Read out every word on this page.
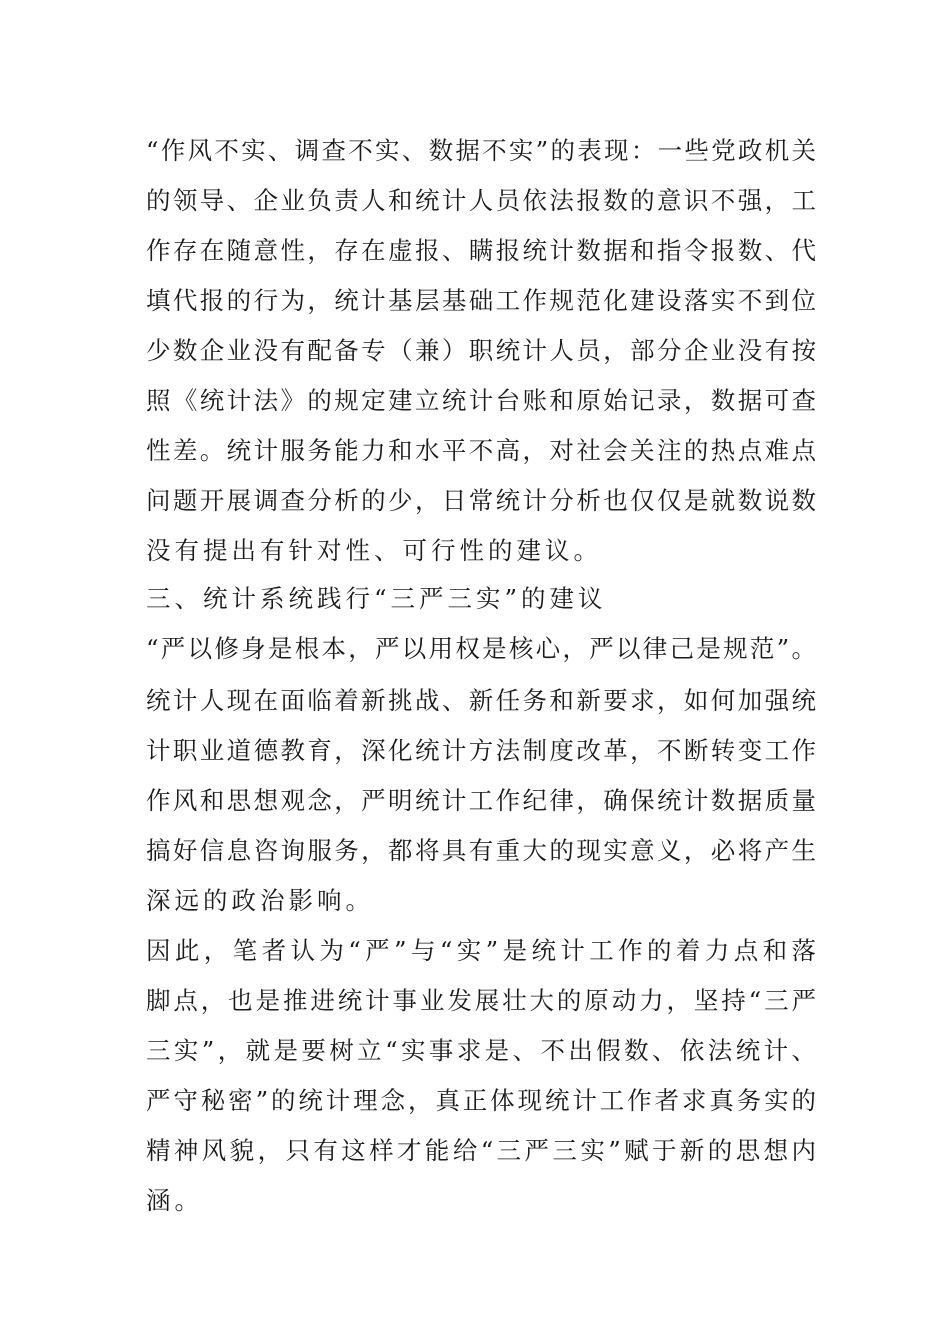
“作风不实、调查不实、数据不实”的表现：一些党政机关
的领导、企业负责人和统计人员依法报数的意识不强，工
作存在随意性，存在虚报、瞒报统计数据和指令报数、代
填代报的行为，统计基层基础工作规范化建设落实不到位
少数企业没有配备专（兼）职统计人员，部分企业没有按
照《统计法》的规定建立统计台账和原始记录，数据可查
性差。统计服务能力和水平不高，对社会关注的热点难点
问题开展调查分析的少，日常统计分析也仅仅是就数说数
没有提出有针对性、可行性的建议。
三、统计系统践行“三严三实”的建议
“严以修身是根本，严以用权是核心，严以律己是规范”。
统计人现在面临着新挑战、新任务和新要求，如何加强统
计职业道德教育，深化统计方法制度改革，不断转变工作
作风和思想观念，严明统计工作纪律，确保统计数据质量
搞好信息咨询服务，都将具有重大的现实意义，必将产生
深远的政治影响。
因此，笔者认为“严”与“实”是统计工作的着力点和落
脚点，也是推进统计事业发展壮大的原动力，坚持“三严
三实”，就是要树立“实事求是、不出假数、依法统计、
严守秘密”的统计理念，真正体现统计工作者求真务实的
精神风貌，只有这样才能给“三严三实”赋于新的思想内
涵。
